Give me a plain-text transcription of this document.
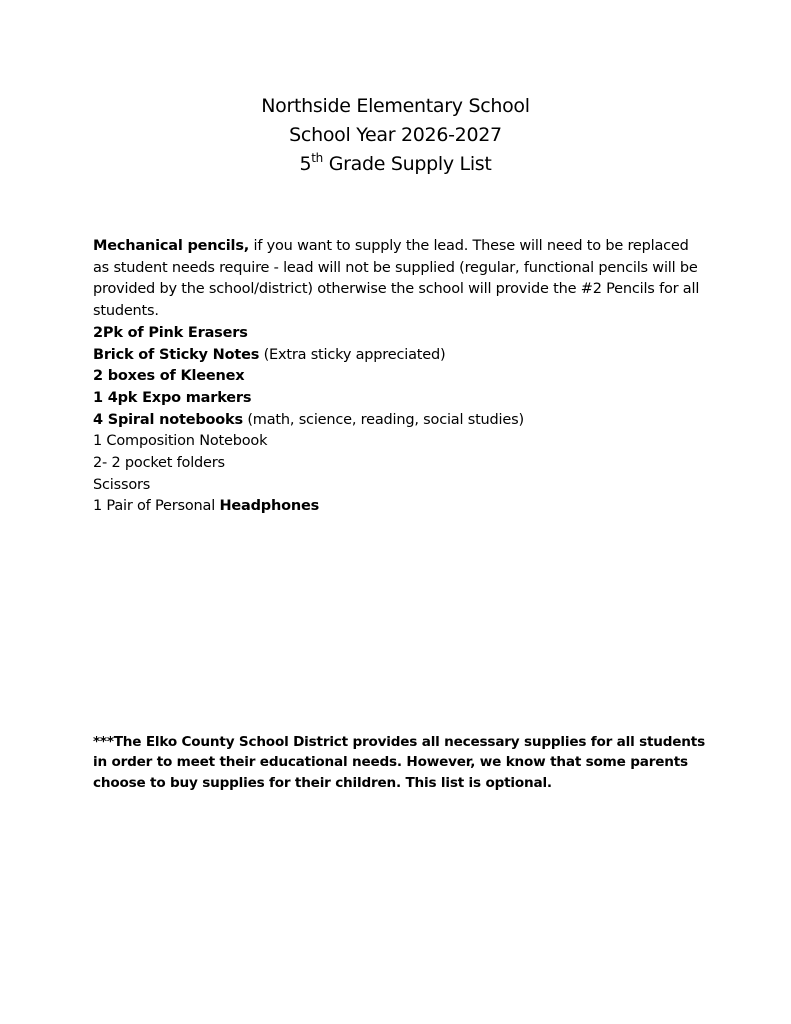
Northside Elementary School
School Year 2026-2027
5th Grade Supply List

Mechanical pencils, if you want to supply the lead. These will need to be replaced as student needs require - lead will not be supplied (regular, functional pencils will be provided by the school/district) otherwise the school will provide the #2 Pencils for all students.

2Pk of Pink Erasers

Brick of Sticky Notes (Extra sticky appreciated)

2 boxes of Kleenex

1 4pk Expo markers

4 Spiral notebooks (math, science, reading, social studies)

1 Composition Notebook

2- 2 pocket folders

Scissors

1 Pair of Personal Headphones

***The Elko County School District provides all necessary supplies for all students in order to meet their educational needs. However, we know that some parents choose to buy supplies for their children. This list is optional.
